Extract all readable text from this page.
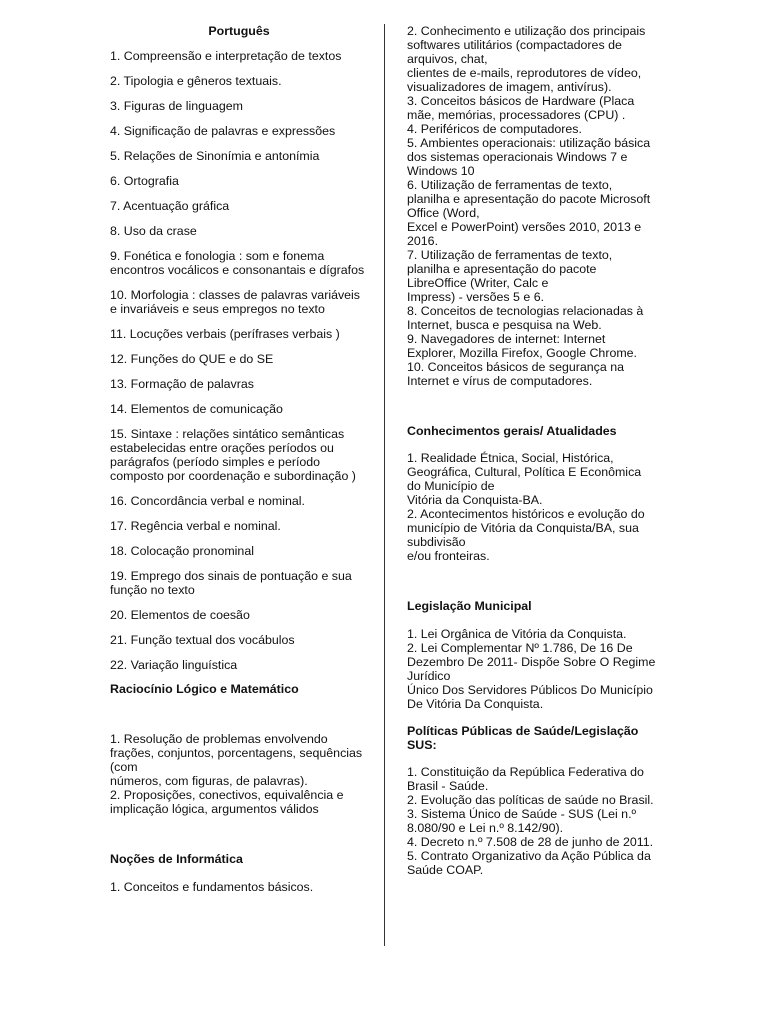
Português
1. Compreensão e interpretação de textos
2. Tipologia e gêneros textuais.
3. Figuras de linguagem
4. Significação de palavras e expressões
5. Relações de Sinonímia e antonímia
6. Ortografia
7. Acentuação gráfica
8. Uso da crase
9. Fonética e fonologia : som e fonema encontros vocálicos e consonantais e dígrafos
10. Morfologia : classes de palavras variáveis e invariáveis e seus empregos no texto
11. Locuções verbais (perífrases verbais )
12. Funções do QUE e do SE
13. Formação de palavras
14. Elementos de comunicação
15. Sintaxe : relações sintático semânticas estabelecidas entre orações períodos ou parágrafos (período simples e período composto por coordenação e subordinação )
16. Concordância verbal e nominal.
17. Regência verbal e nominal.
18. Colocação pronominal
19. Emprego dos sinais de pontuação e sua função no texto
20. Elementos de coesão
21. Função textual dos vocábulos
22. Variação linguística
Raciocínio Lógico e Matemático
1. Resolução de problemas envolvendo frações, conjuntos, porcentagens, sequências (com
números, com figuras, de palavras).
2. Proposições, conectivos, equivalência e implicação lógica, argumentos válidos
Noções de Informática
1. Conceitos e fundamentos básicos.
2. Conhecimento e utilização dos principais softwares utilitários (compactadores de arquivos, chat,
clientes de e-mails, reprodutores de vídeo, visualizadores de imagem, antivírus).
3. Conceitos básicos de Hardware (Placa mãe, memórias, processadores (CPU) .
4. Periféricos de computadores.
5. Ambientes operacionais: utilização básica dos sistemas operacionais Windows 7 e Windows 10
6. Utilização de ferramentas de texto, planilha e apresentação do pacote Microsoft Office (Word,
Excel e PowerPoint) versões 2010, 2013 e 2016.
7. Utilização de ferramentas de texto, planilha e apresentação do pacote LibreOffice (Writer, Calc e
Impress) - versões 5 e 6.
8. Conceitos de tecnologias relacionadas à Internet, busca e pesquisa na Web.
9. Navegadores de internet: Internet Explorer, Mozilla Firefox, Google Chrome.
10. Conceitos básicos de segurança na Internet e vírus de computadores.
Conhecimentos gerais/ Atualidades
1. Realidade Étnica, Social, Histórica, Geográfica, Cultural, Política E Econômica do Município de
Vitória da Conquista-BA.
2. Acontecimentos históricos e evolução do município de Vitória da Conquista/BA, sua subdivisão
e/ou fronteiras.
Legislação Municipal
1. Lei Orgânica de Vitória da Conquista.
2. Lei Complementar Nº 1.786, De 16 De Dezembro De 2011- Dispõe Sobre O Regime Jurídico
Único Dos Servidores Públicos Do Município De Vitória Da Conquista.
Políticas Públicas de Saúde/Legislação SUS:
1. Constituição da República Federativa do Brasil - Saúde.
2. Evolução das políticas de saúde no Brasil.
3. Sistema Único de Saúde - SUS (Lei n.º 8.080/90 e Lei n.º 8.142/90).
4. Decreto n.º 7.508 de 28 de junho de 2011.
5. Contrato Organizativo da Ação Pública da Saúde COAP.
